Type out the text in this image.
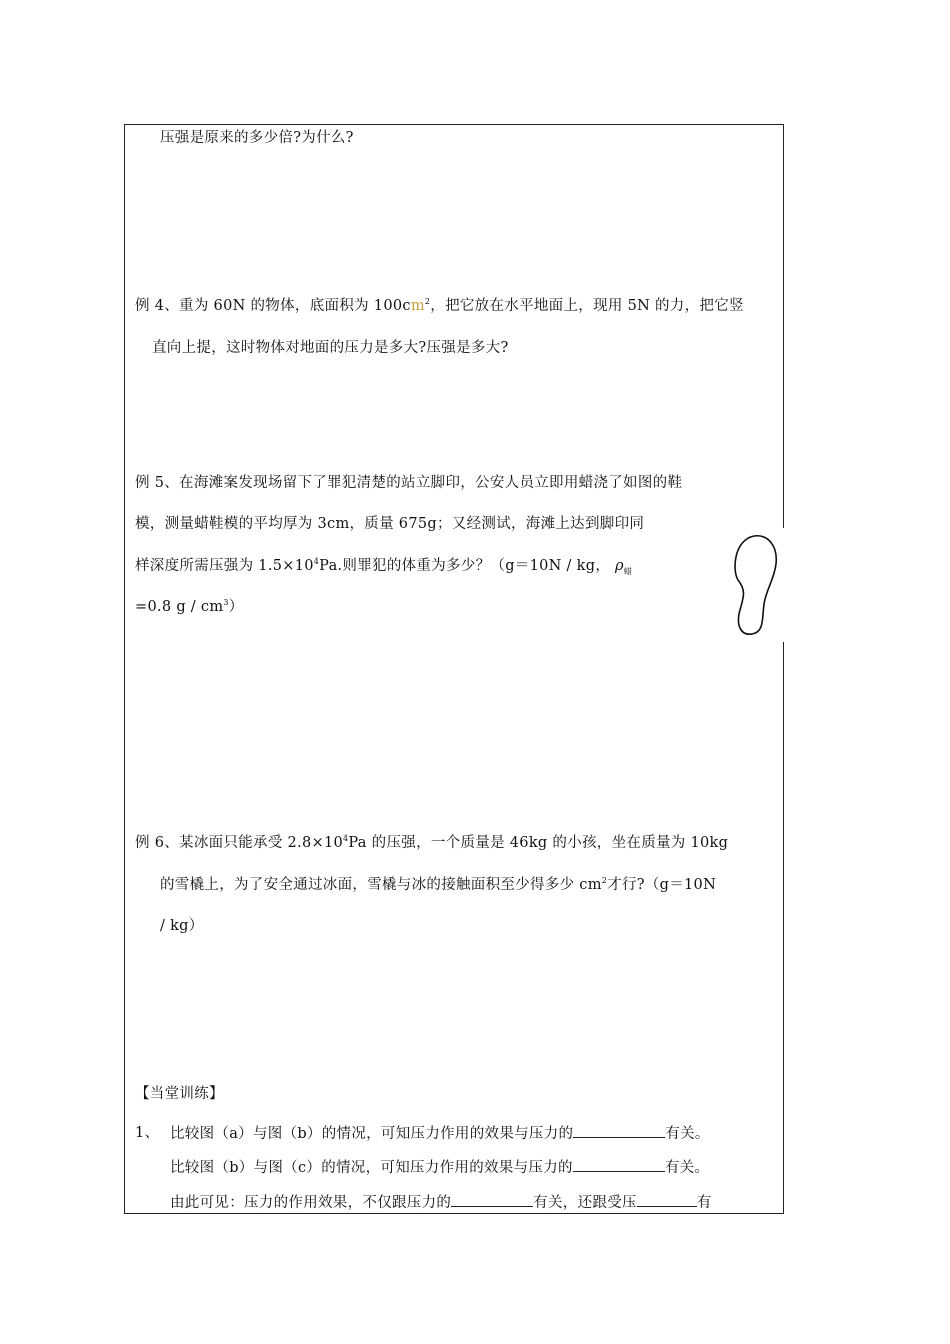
压强是原来的多少倍?为什么?
例 4、重为 60N 的物体，底面积为 $100cm^2$，把它放在水平地面上，现用 5N 的力，把它竖
直向上提，这时物体对地面的压力是多大?压强是多大?
例 5、在海滩案发现场留下了罪犯清楚的站立脚印，公安人员立即用蜡浇了如图的鞋
模，测量蜡鞋模的平均厚为 3cm，质量 675g；又经测试，海滩上达到脚印同
样深度所需压强为 $1.5\times 10^4Pa$.则罪犯的体重为多少？（g＝10N / kg， $\rho_蜡$
=0.8 g / $cm^3$）
例 6、某冰面只能承受 $2.8\times 10^4Pa$ 的压强，一个质量是 46kg 的小孩，坐在质量为 10kg
的雪橇上，为了安全通过冰面，雪橇与冰的接触面积至少得多少 $cm^2$才行?（g＝10N
/ kg）
【当堂训练】
1、 比较图（a）与图（b）的情况，可知压力作用的效果与压力的	有关。
比较图（b）与图（c）的情况，可知压力作用的效果与压力的	有关。
由此可见：压力的作用效果，不仅跟压力的	有关，还跟受压	有
